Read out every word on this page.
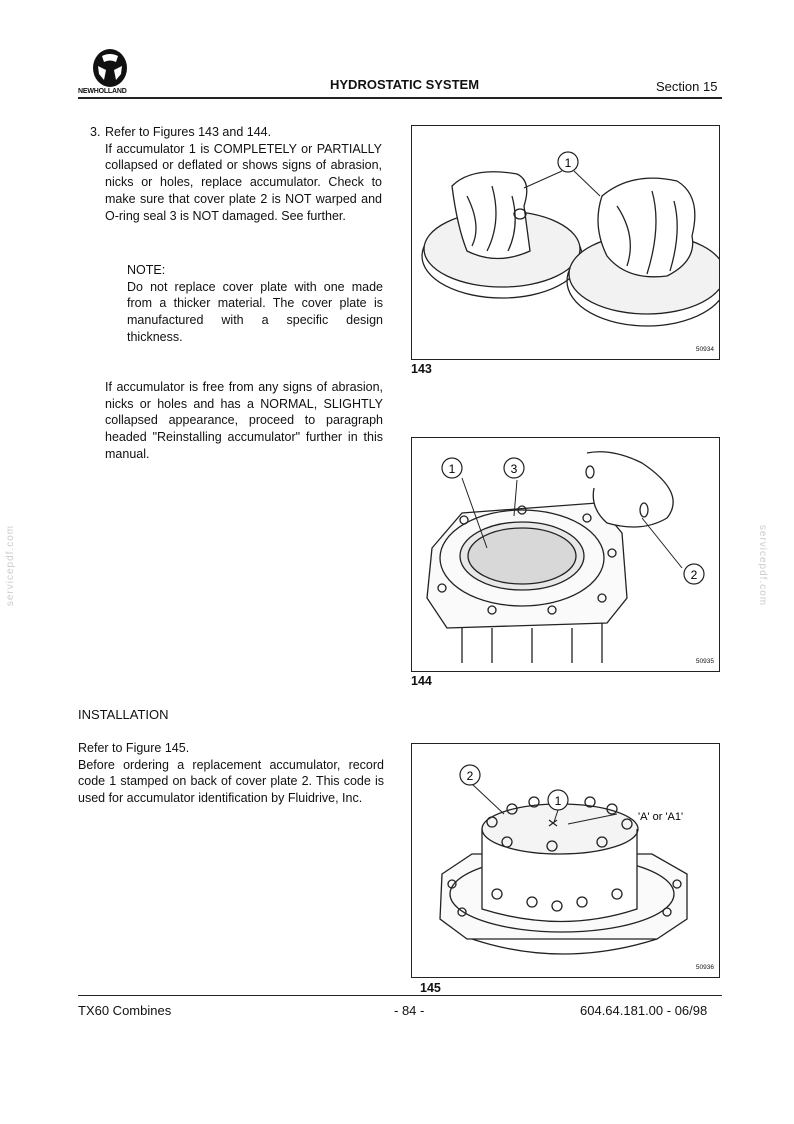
NEWHOLLAND	HYDROSTATIC SYSTEM	Section 15
3. Refer to Figures 143 and 144.
If accumulator 1 is COMPLETELY or PARTIALLY collapsed or deflated or shows signs of abrasion, nicks or holes, replace accumulator. Check to make sure that cover plate 2 is NOT warped and O-ring seal 3 is NOT damaged. See further.
NOTE:
Do not replace cover plate with one made from a thicker material. The cover plate is manufactured with a specific design thickness.
If accumulator is free from any signs of abrasion, nicks or holes and has a NORMAL, SLIGHTLY collapsed appearance, proceed to paragraph headed "Reinstalling accumulator" further in this manual.
INSTALLATION
Refer to Figure 145.
Before ordering a replacement accumulator, record code 1 stamped on back of cover plate 2. This code is used for accumulator identification by Fluidrive, Inc.
1
50934
143
1	3
2
50935
144
2
1
'A' or 'A1'
50936
145
TX60 Combines	- 84 -	604.64.181.00 - 06/98
servicepdf.com	servicepdf.com
